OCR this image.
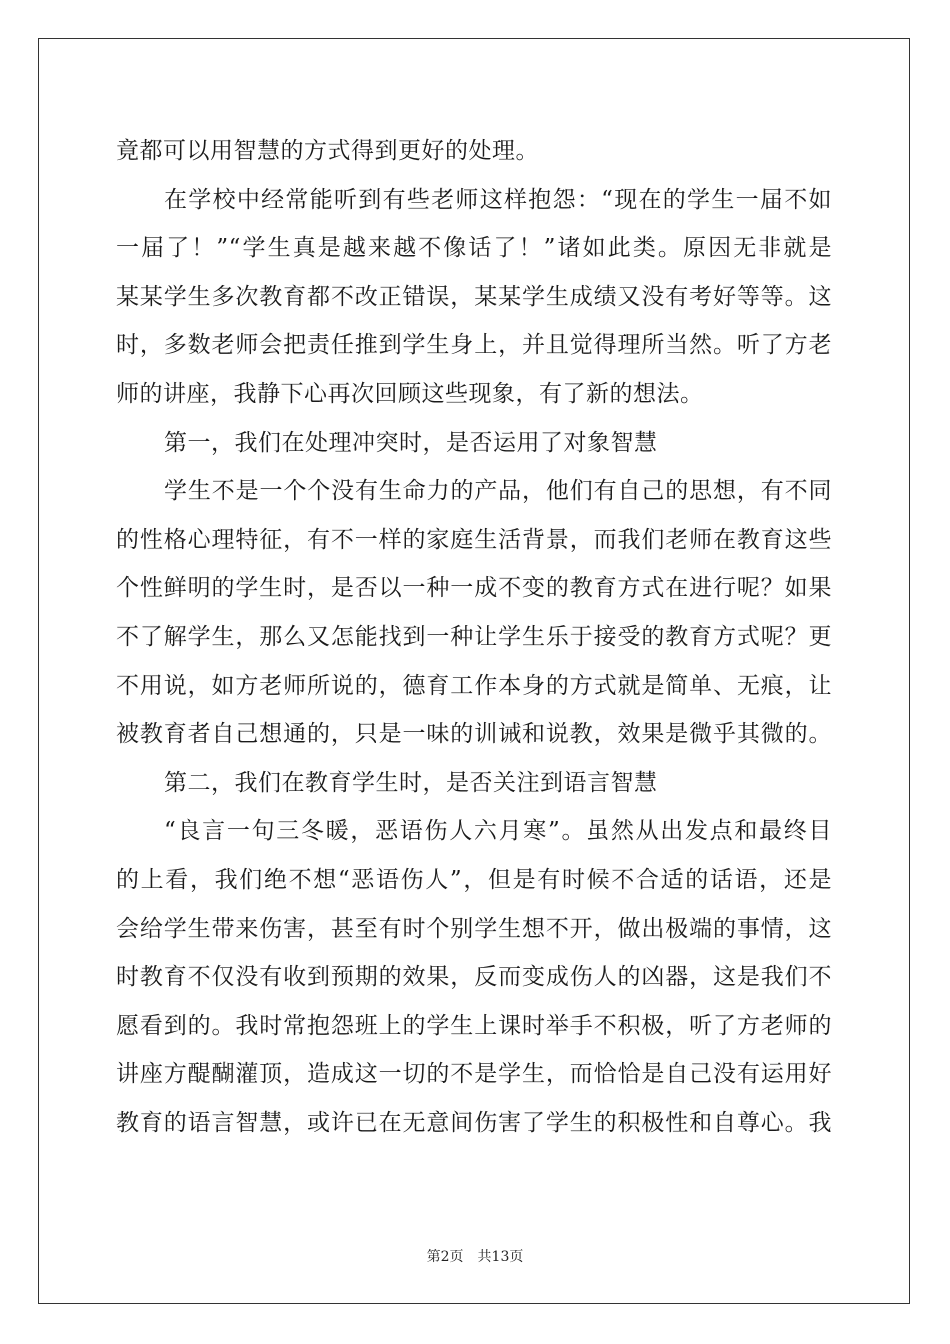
竟都可以用智慧的方式得到更好的处理。
在学校中经常能听到有些老师这样抱怨：“现在的学生一届不如
一届了！”“学生真是越来越不像话了！”诸如此类。原因无非就是
某某学生多次教育都不改正错误，某某学生成绩又没有考好等等。这
时，多数老师会把责任推到学生身上，并且觉得理所当然。听了方老
师的讲座，我静下心再次回顾这些现象，有了新的想法。
第一，我们在处理冲突时，是否运用了对象智慧
学生不是一个个没有生命力的产品，他们有自己的思想，有不同
的性格心理特征，有不一样的家庭生活背景，而我们老师在教育这些
个性鲜明的学生时，是否以一种一成不变的教育方式在进行呢？如果
不了解学生，那么又怎能找到一种让学生乐于接受的教育方式呢？更
不用说，如方老师所说的，德育工作本身的方式就是简单、无痕，让
被教育者自己想通的，只是一味的训诫和说教，效果是微乎其微的。
第二，我们在教育学生时，是否关注到语言智慧
“良言一句三冬暖，恶语伤人六月寒”。虽然从出发点和最终目
的上看，我们绝不想“恶语伤人”，但是有时候不合适的话语，还是
会给学生带来伤害，甚至有时个别学生想不开，做出极端的事情，这
时教育不仅没有收到预期的效果，反而变成伤人的凶器，这是我们不
愿看到的。我时常抱怨班上的学生上课时举手不积极，听了方老师的
讲座方醍醐灌顶，造成这一切的不是学生，而恰恰是自己没有运用好
教育的语言智慧，或许已在无意间伤害了学生的积极性和自尊心。我
第2页 共13页
